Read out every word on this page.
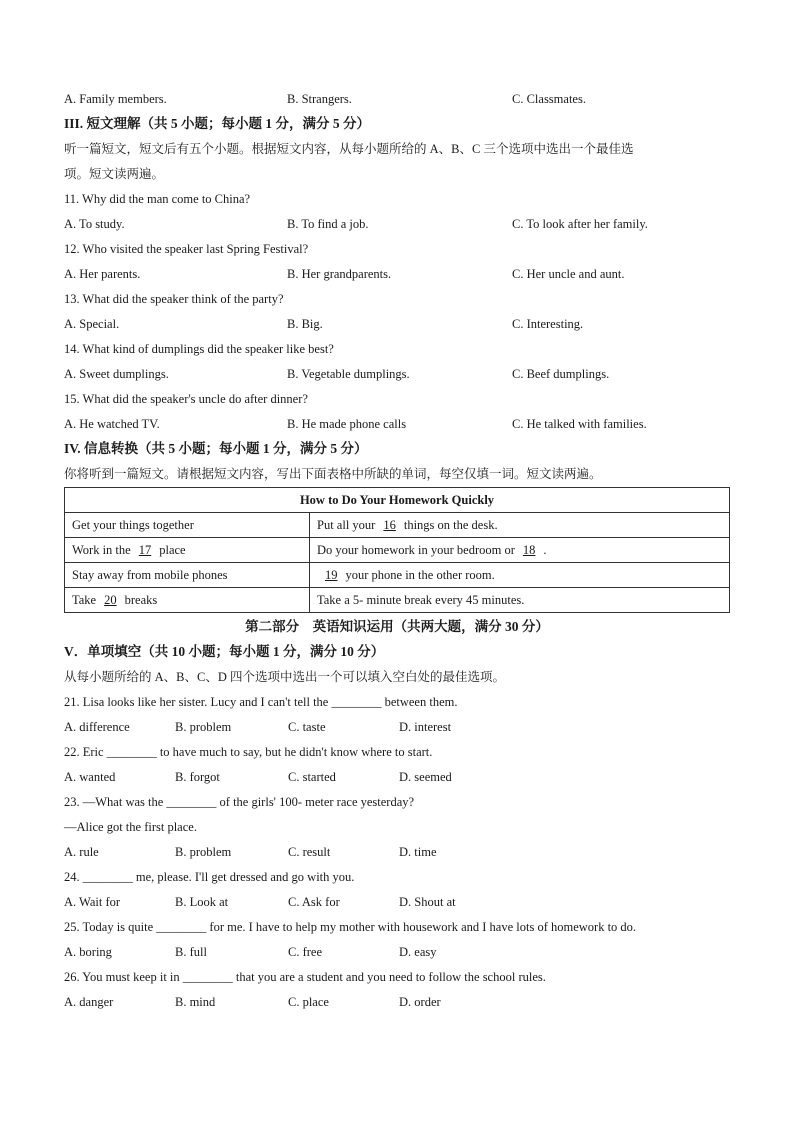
A. Family members.	B. Strangers.	C. Classmates.
III. 短文理解（共 5 小题；每小题 1 分，满分 5 分）
听一篇短文，短文后有五个小题。根据短文内容，从每小题所给的 A、B、C 三个选项中选出一个最佳选
项。短文读两遍。
11. Why did the man come to China?
A. To study.	B. To find a job.	C. To look after her family.
12. Who visited the speaker last Spring Festival?
A. Her parents.	B. Her grandparents.	C. Her uncle and aunt.
13. What did the speaker think of the party?
A. Special.	B. Big.	C. Interesting.
14. What kind of dumplings did the speaker like best?
A. Sweet dumplings.	B. Vegetable dumplings.	C. Beef dumplings.
15. What did the speaker's uncle do after dinner?
A. He watched TV.	B. He made phone calls	C. He talked with families.
IV. 信息转换（共 5 小题；每小题 1 分，满分 5 分）
你将听到一篇短文。请根据短文内容，写出下面表格中所缺的单词，每空仅填一词。短文读两遍。
How to Do Your Homework Quickly	
Get your things together	Put all your 16 things on the desk.
Work in the 17 place	Do your homework in your bedroom or 18 .
Stay away from mobile phones	19 your phone in the other room.
Take 20 breaks	Take a 5- minute break every 45 minutes.
第二部分　英语知识运用（共两大题，满分 30 分）
V．单项填空（共 10 小题；每小题 1 分，满分 10 分）
从每小题所给的 A、B、C、D 四个选项中选出一个可以填入空白处的最佳选项。
21. Lisa looks like her sister. Lucy and I can't tell the ________ between them.
A. difference	B. problem	C. taste	D. interest
22. Eric ________ to have much to say, but he didn't know where to start.
A. wanted	B. forgot	C. started	D. seemed
23. —What was the ________ of the girls' 100- meter race yesterday?
—Alice got the first place.
A. rule	B. problem	C. result	D. time
24. ________ me, please. I'll get dressed and go with you.
A. Wait for	B. Look at	C. Ask for	D. Shout at
25. Today is quite ________ for me. I have to help my mother with housework and I have lots of homework to do.
A. boring	B. full	C. free	D. easy
26. You must keep it in ________ that you are a student and you need to follow the school rules.
A. danger	B. mind	C. place	D. order
